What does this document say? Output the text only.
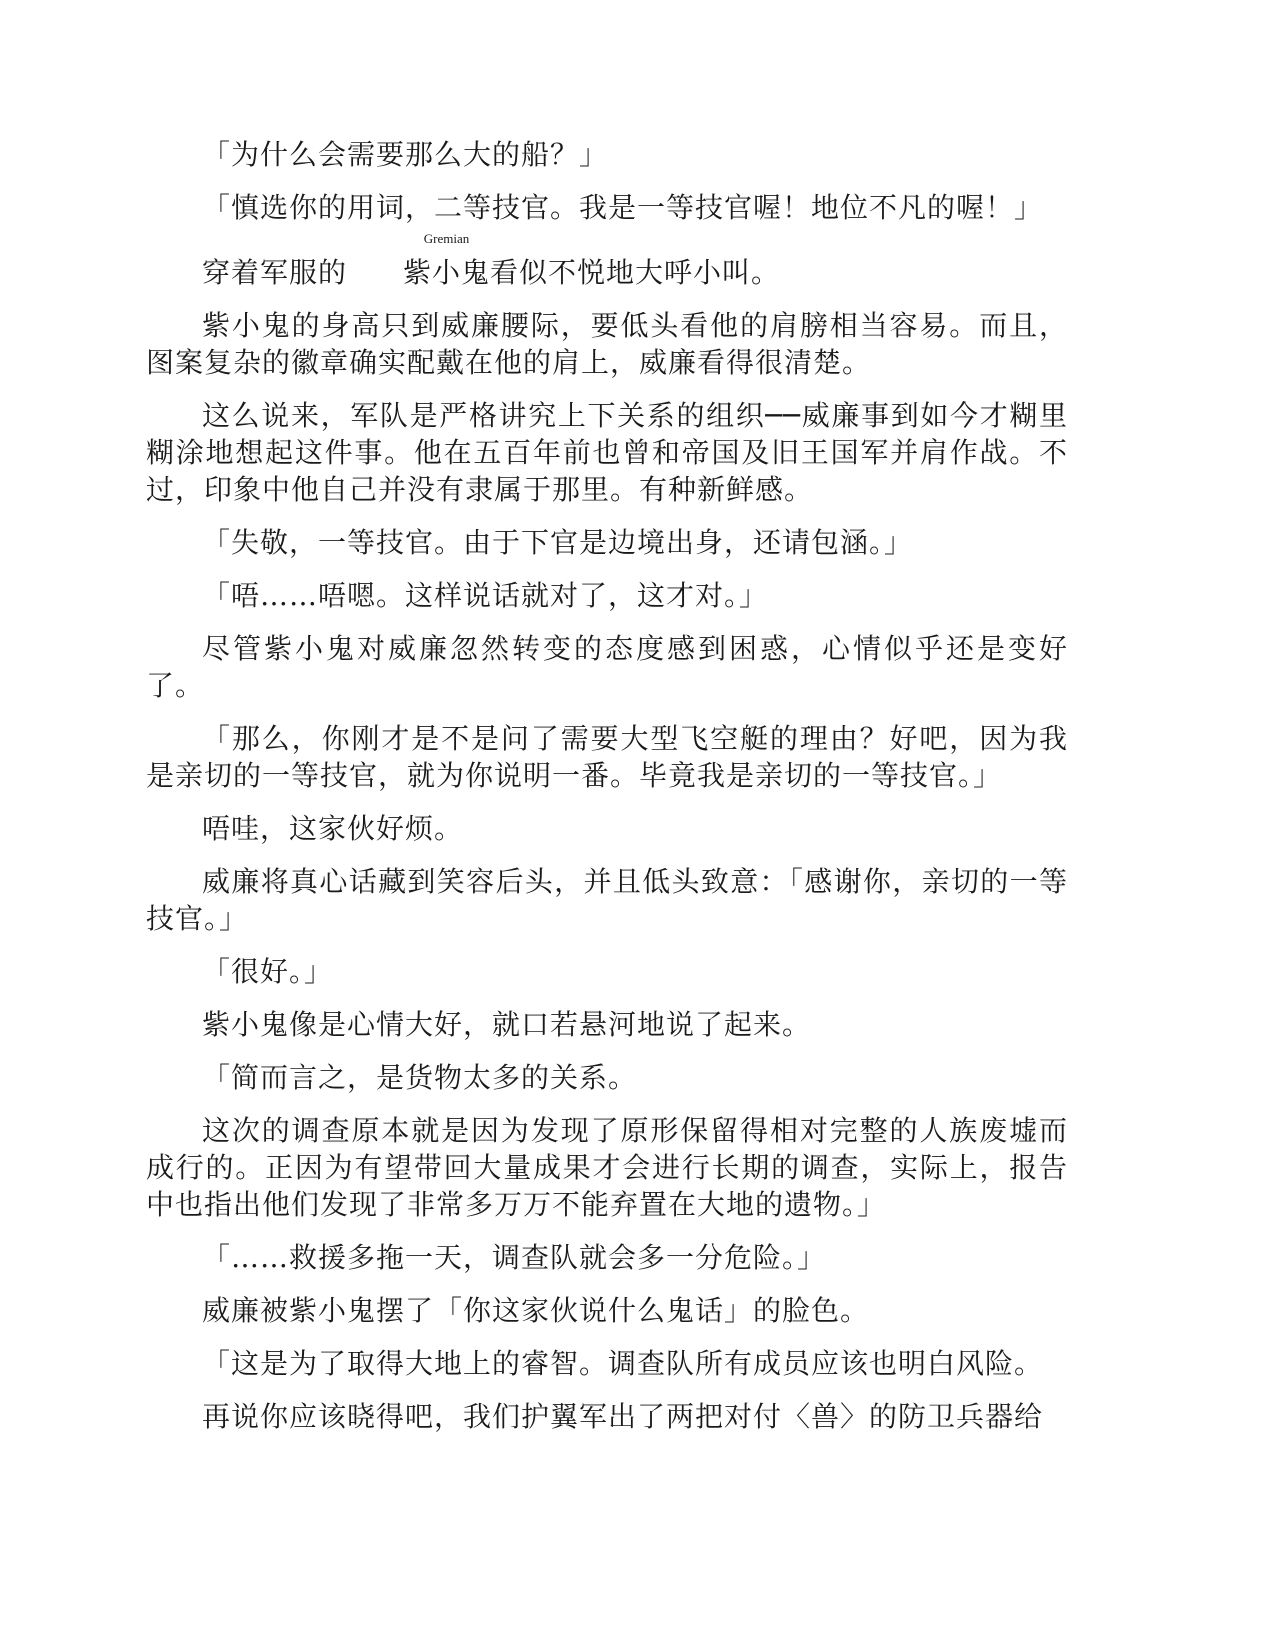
「为什么会需要那么大的船？」

「慎选你的用词，二等技官。我是一等技官喔！地位不凡的喔！」

穿着军服的
Gremian
紫小鬼看似不悦地大呼小叫。

紫小鬼的身高只到威廉腰际，要低头看他的肩膀相当容易。而且，图案复杂的徽章确实配戴在他的肩上，威廉看得很清楚。

这么说来，军队是严格讲究上下关系的组织──威廉事到如今才糊里糊涂地想起这件事。他在五百年前也曾和帝国及旧王国军并肩作战。不过，印象中他自己并没有隶属于那里。有种新鲜感。

「失敬，一等技官。由于下官是边境出身，还请包涵。」

「唔……唔嗯。这样说话就对了，这才对。」

尽管紫小鬼对威廉忽然转变的态度感到困惑，心情似乎还是变好了。

「那么，你刚才是不是问了需要大型飞空艇的理由？好吧，因为我是亲切的一等技官，就为你说明一番。毕竟我是亲切的一等技官。」

唔哇，这家伙好烦。

威廉将真心话藏到笑容后头，并且低头致意：「感谢你，亲切的一等技官。」

「很好。」

紫小鬼像是心情大好，就口若悬河地说了起来。

「简而言之，是货物太多的关系。

这次的调查原本就是因为发现了原形保留得相对完整的人族废墟而成行的。正因为有望带回大量成果才会进行长期的调查，实际上，报告中也指出他们发现了非常多万万不能弃置在大地的遗物。」

「……救援多拖一天，调查队就会多一分危险。」

威廉被紫小鬼摆了「你这家伙说什么鬼话」的脸色。

「这是为了取得大地上的睿智。调查队所有成员应该也明白风险。

再说你应该晓得吧，我们护翼军出了两把对付〈兽〉的防卫兵器给
